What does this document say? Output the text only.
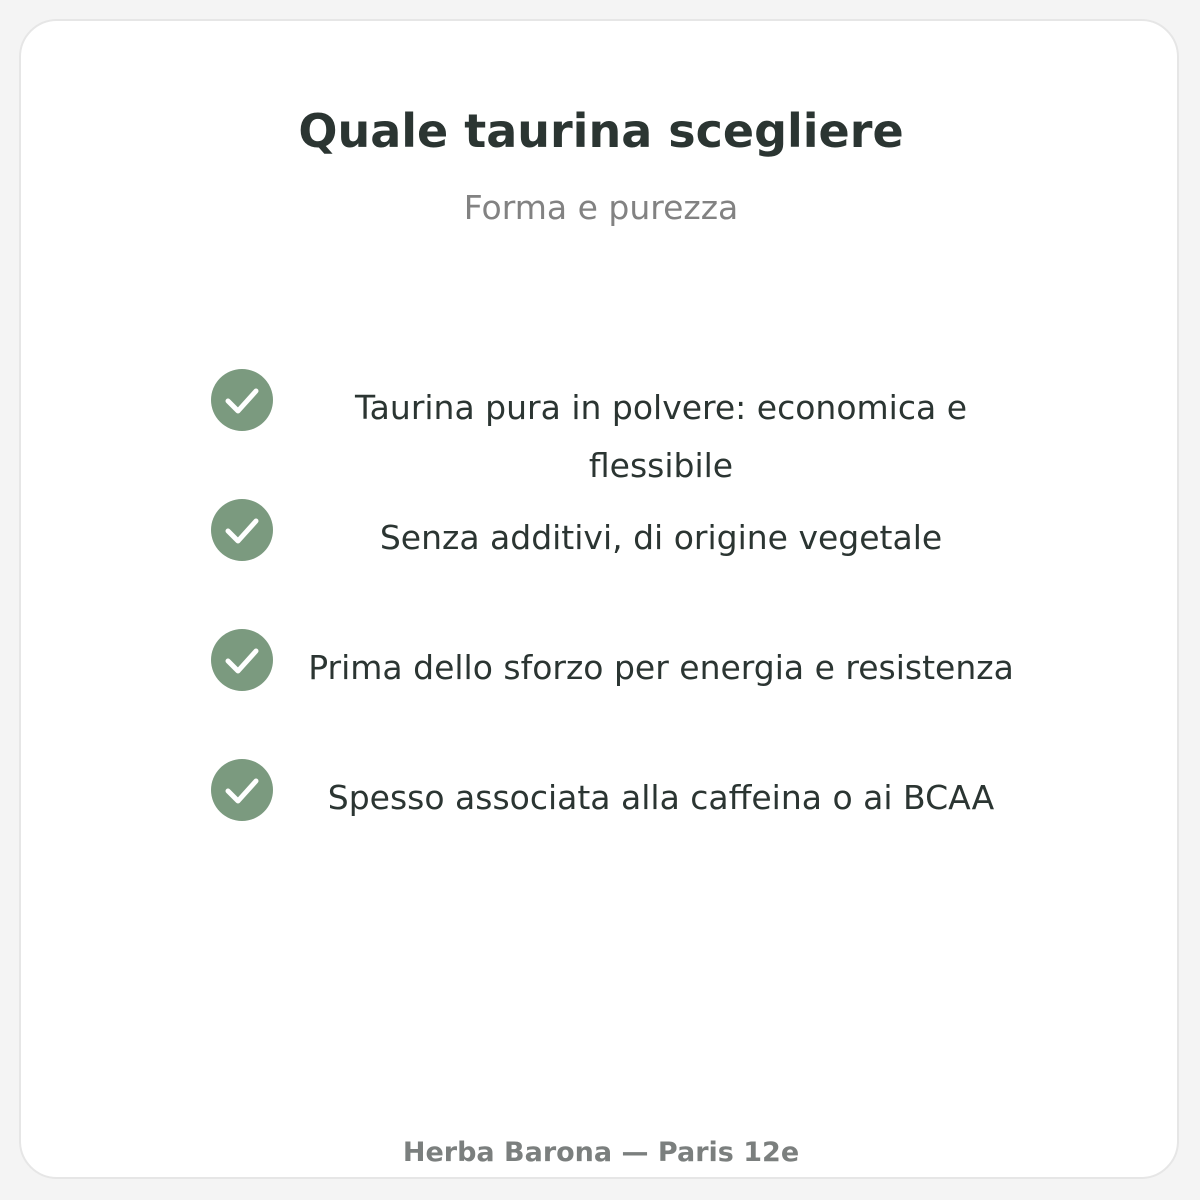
Quale taurina scegliere

Forma e purezza

Taurina pura in polvere: economica e flessibile
Senza additivi, di origine vegetale
Prima dello sforzo per energia e resistenza
Spesso associata alla caffeina o ai BCAA
Herba Barona — Paris 12e
